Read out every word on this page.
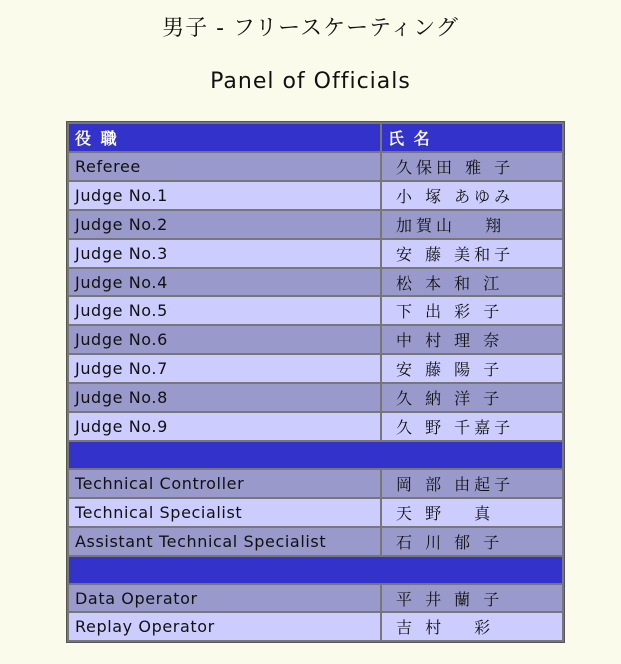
男子 - フリースケーティング
Panel of Officials
役 職	氏 名
Referee	久保田 雅 子
Judge No.1	小 塚 あゆみ
Judge No.2	加賀山　 翔
Judge No.3	安 藤 美和子
Judge No.4	松 本 和 江
Judge No.5	下 出 彩 子
Judge No.6	中 村 理 奈
Judge No.7	安 藤 陽 子
Judge No.8	久 納 洋 子
Judge No.9	久 野 千嘉子

Technical Controller	岡 部 由起子
Technical Specialist	天 野　 真
Assistant Technical Specialist	石 川 郁 子

Data Operator	平 井 蘭 子
Replay Operator	吉 村　 彩
